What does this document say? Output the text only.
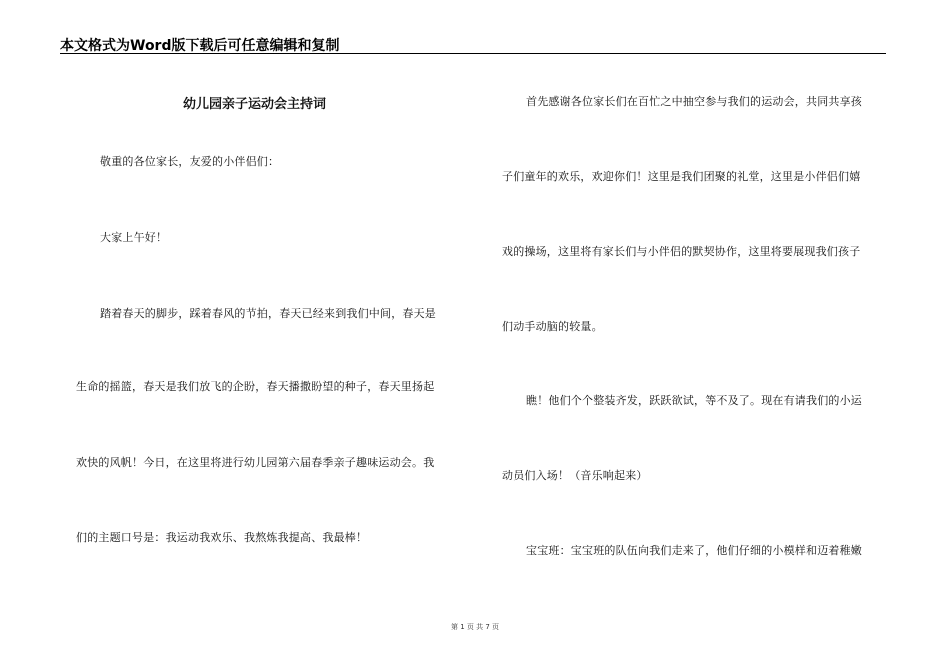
本文格式为Word版下载后可任意编辑和复制
幼儿园亲子运动会主持词
敬重的各位家长，友爱的小伴侣们：
大家上午好！
踏着春天的脚步，踩着春风的节拍，春天已经来到我们中间，春天是
生命的摇篮，春天是我们放飞的企盼，春天播撒盼望的种子，春天里扬起
欢快的风帆！今日，在这里将进行幼儿园第六届春季亲子趣味运动会。我
们的主题口号是：我运动我欢乐、我熬炼我提高、我最棒！
首先感谢各位家长们在百忙之中抽空参与我们的运动会，共同共享孩
子们童年的欢乐，欢迎你们！这里是我们团聚的礼堂，这里是小伴侣们嬉
戏的操场，这里将有家长们与小伴侣的默契协作，这里将要展现我们孩子
们动手动脑的较量。
瞧！他们个个整装齐发，跃跃欲试，等不及了。现在有请我们的小运
动员们入场！（音乐响起来）
宝宝班：宝宝班的队伍向我们走来了，他们仔细的小模样和迈着稚嫩
第 1 页 共 7 页
